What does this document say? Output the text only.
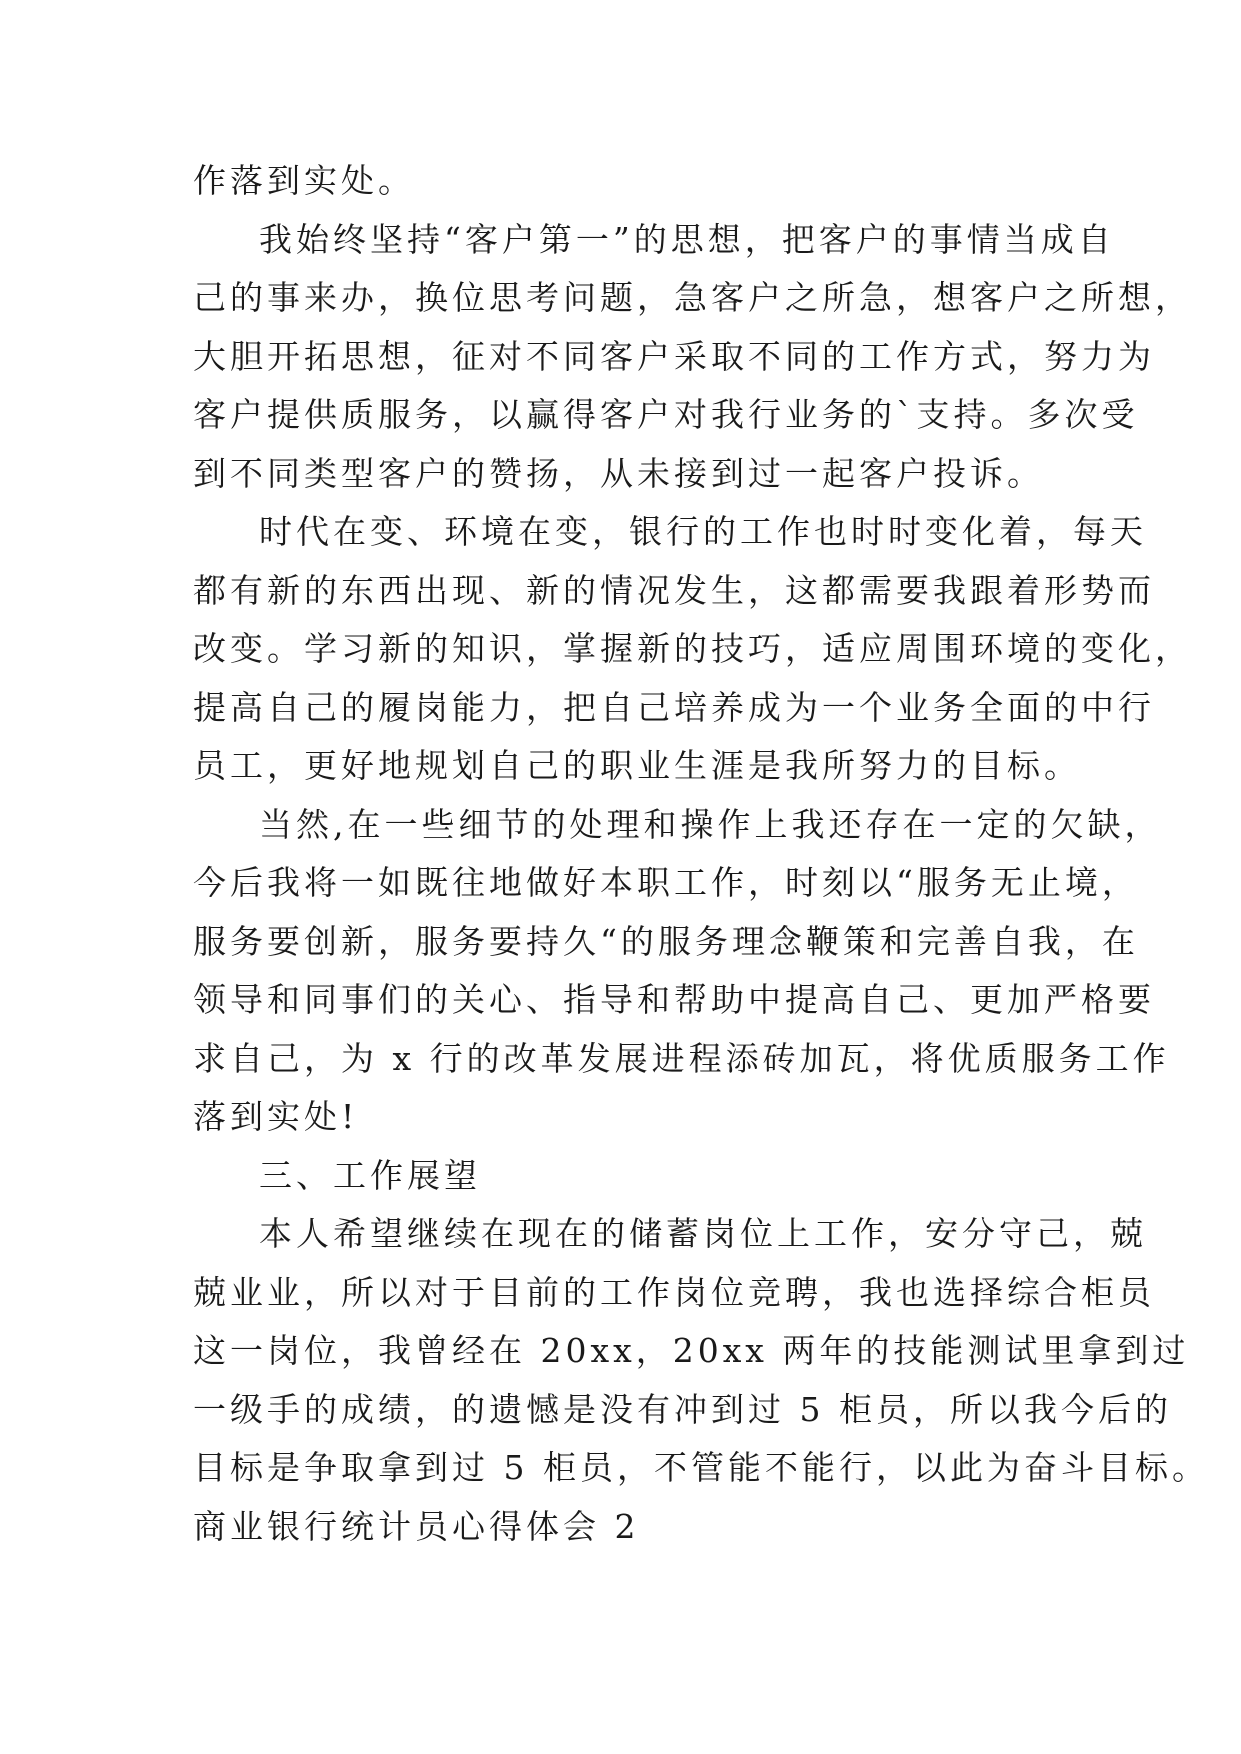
作落到实处。
我始终坚持“客户第一”的思想，把客户的事情当成自
己的事来办，换位思考问题，急客户之所急，想客户之所想，
大胆开拓思想，征对不同客户采取不同的工作方式，努力为
客户提供质服务，以赢得客户对我行业务的`支持。多次受
到不同类型客户的赞扬，从未接到过一起客户投诉。
时代在变、环境在变，银行的工作也时时变化着，每天
都有新的东西出现、新的情况发生，这都需要我跟着形势而
改变。学习新的知识，掌握新的技巧，适应周围环境的变化，
提高自己的履岗能力，把自己培养成为一个业务全面的中行
员工，更好地规划自己的职业生涯是我所努力的目标。
当然,在一些细节的处理和操作上我还存在一定的欠缺，
今后我将一如既往地做好本职工作，时刻以“服务无止境，
服务要创新，服务要持久“的服务理念鞭策和完善自我，在
领导和同事们的关心、指导和帮助中提高自己、更加严格要
求自己，为 x 行的改革发展进程添砖加瓦，将优质服务工作
落到实处!
三、工作展望
本人希望继续在现在的储蓄岗位上工作，安分守己，兢
兢业业，所以对于目前的工作岗位竞聘，我也选择综合柜员
这一岗位，我曾经在 20xx，20xx 两年的技能测试里拿到过
一级手的成绩，的遗憾是没有冲到过 5 柜员，所以我今后的
目标是争取拿到过 5 柜员，不管能不能行，以此为奋斗目标。
商业银行统计员心得体会 2
